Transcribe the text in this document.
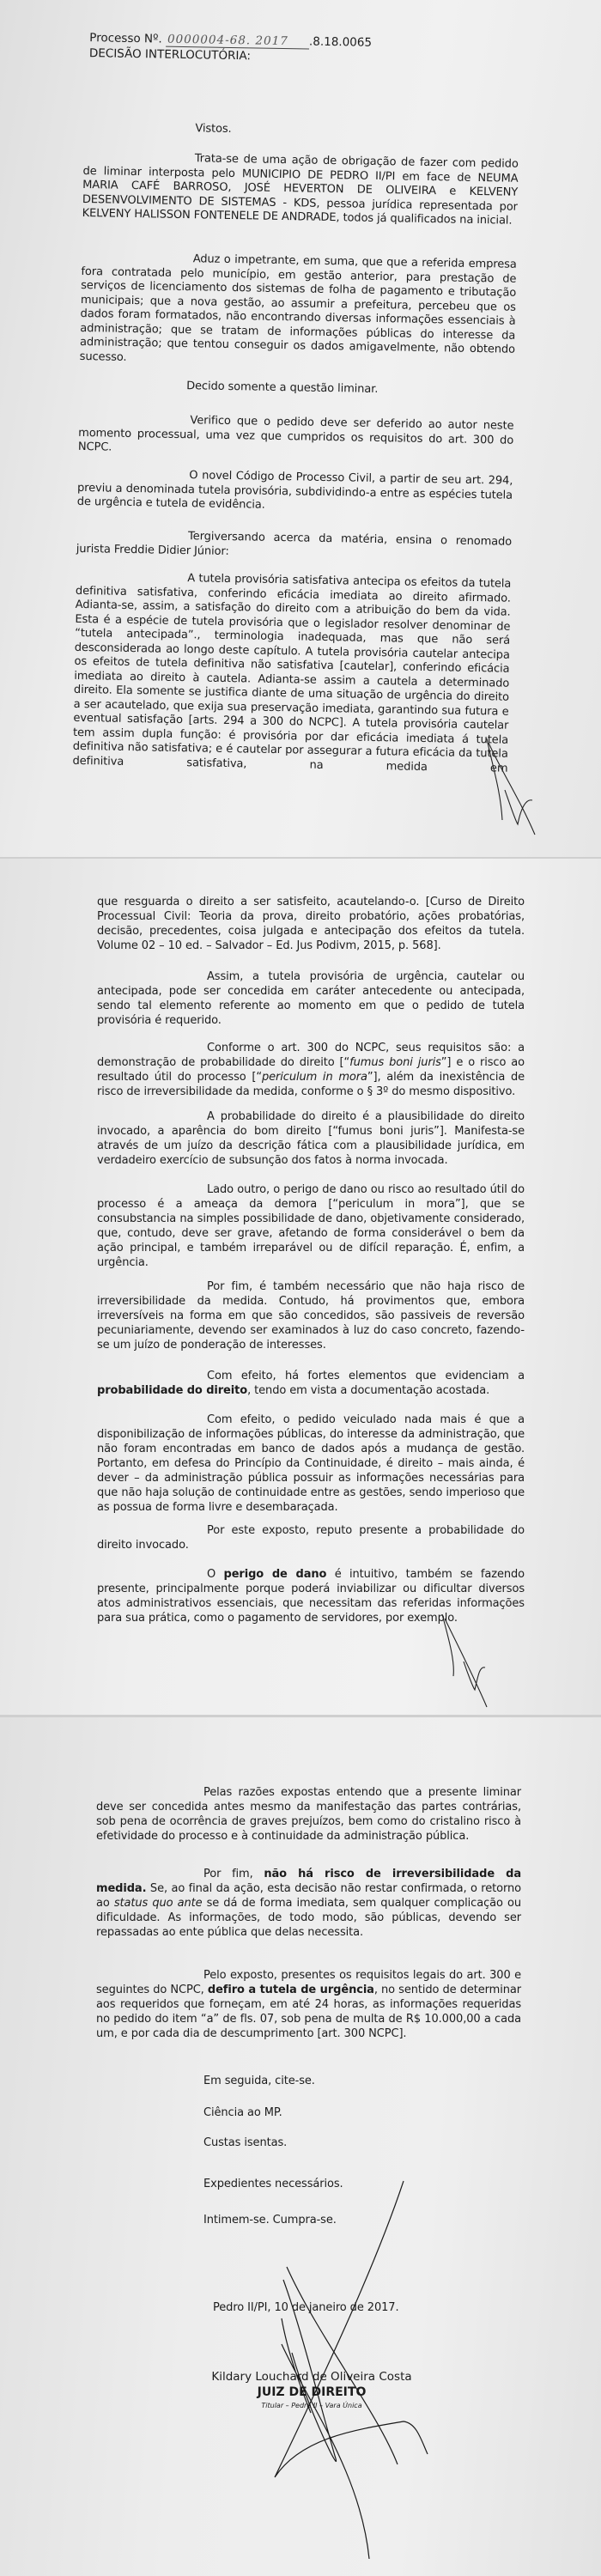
Processo Nº. 0000004-68. 2017 .8.18.0065
DECISÃO INTERLOCUTÓRIA:

Vistos.

Trata-se de uma ação de obrigação de fazer com pedido de liminar interposta pelo MUNICIPIO DE PEDRO II/PI em face de NEUMA MARIA CAFÉ BARROSO, JOSÉ HEVERTON DE OLIVEIRA e KELVENY DESENVOLVIMENTO DE SISTEMAS - KDS, pessoa jurídica representada por KELVENY HALISSON FONTENELE DE ANDRADE, todos já qualificados na inicial.

Aduz o impetrante, em suma, que que a referida empresa fora contratada pelo município, em gestão anterior, para prestação de serviços de licenciamento dos sistemas de folha de pagamento e tributação municipais; que a nova gestão, ao assumir a prefeitura, percebeu que os dados foram formatados, não encontrando diversas informações essenciais à administração; que se tratam de informações públicas do interesse da administração; que tentou conseguir os dados amigavelmente, não obtendo sucesso.

Decido somente a questão liminar.

Verifico que o pedido deve ser deferido ao autor neste momento processual, uma vez que cumpridos os requisitos do art. 300 do NCPC.

O novel Código de Processo Civil, a partir de seu art. 294, previu a denominada tutela provisória, subdividindo-a entre as espécies tutela de urgência e tutela de evidência.

Tergiversando acerca da matéria, ensina o renomado jurista Freddie Didier Júnior:

A tutela provisória satisfativa antecipa os efeitos da tutela definitiva satisfativa, conferindo eficácia imediata ao direito afirmado. Adianta-se, assim, a satisfação do direito com a atribuição do bem da vida. Esta é a espécie de tutela provisória que o legislador resolver denominar de “tutela antecipada”., terminologia inadequada, mas que não será desconsiderada ao longo deste capítulo. A tutela provisória cautelar antecipa os efeitos de tutela definitiva não satisfativa [cautelar], conferindo eficácia imediata ao direito à cautela. Adianta-se assim a cautela a determinado direito. Ela somente se justifica diante de uma situação de urgência do direito a ser acautelado, que exija sua preservação imediata, garantindo sua futura e eventual satisfação [arts. 294 a 300 do NCPC]. A tutela provisória cautelar tem assim dupla função: é provisória por dar eficácia imediata á tutela definitiva não satisfativa; e é cautelar por assegurar a futura eficácia da tutela definitiva satisfativa, na medida em

que resguarda o direito a ser satisfeito, acautelando-o. [Curso de Direito Processual Civil: Teoria da prova, direito probatório, ações probatórias, decisão, precedentes, coisa julgada e antecipação dos efeitos da tutela. Volume 02 – 10 ed. – Salvador – Ed. Jus Podivm, 2015, p. 568].

Assim, a tutela provisória de urgência, cautelar ou antecipada, pode ser concedida em caráter antecedente ou antecipada, sendo tal elemento referente ao momento em que o pedido de tutela provisória é requerido.

Conforme o art. 300 do NCPC, seus requisitos são: a demonstração de probabilidade do direito [“fumus boni juris”] e o risco ao resultado útil do processo [“periculum in mora”], além da inexistência de risco de irreversibilidade da medida, conforme o § 3º do mesmo dispositivo.

A probabilidade do direito é a plausibilidade do direito invocado, a aparência do bom direito [“fumus boni juris”]. Manifesta-se através de um juízo da descrição fática com a plausibilidade jurídica, em verdadeiro exercício de subsunção dos fatos à norma invocada.

Lado outro, o perigo de dano ou risco ao resultado útil do processo é a ameaça da demora [“periculum in mora”], que se consubstancia na simples possibilidade de dano, objetivamente considerado, que, contudo, deve ser grave, afetando de forma considerável o bem da ação principal, e também irreparável ou de difícil reparação. É, enfim, a urgência.

Por fim, é também necessário que não haja risco de irreversibilidade da medida. Contudo, há provimentos que, embora irreversíveis na forma em que são concedidos, são passiveis de reversão pecuniariamente, devendo ser examinados à luz do caso concreto, fazendo-se um juízo de ponderação de interesses.

Com efeito, há fortes elementos que evidenciam a probabilidade do direito, tendo em vista a documentação acostada.

Com efeito, o pedido veiculado nada mais é que a disponibilização de informações públicas, do interesse da administração, que não foram encontradas em banco de dados após a mudança de gestão. Portanto, em defesa do Princípio da Continuidade, é direito – mais ainda, é dever – da administração pública possuir as informações necessárias para que não haja solução de continuidade entre as gestões, sendo imperioso que as possua de forma livre e desembaraçada.

Por este exposto, reputo presente a probabilidade do direito invocado.

O perigo de dano é intuitivo, também se fazendo presente, principalmente porque poderá inviabilizar ou dificultar diversos atos administrativos essenciais, que necessitam das referidas informações para sua prática, como o pagamento de servidores, por exemplo.

Pelas razões expostas entendo que a presente liminar deve ser concedida antes mesmo da manifestação das partes contrárias, sob pena de ocorrência de graves prejuízos, bem como do cristalino risco à efetividade do processo e à continuidade da administração pública.

Por fim, não há risco de irreversibilidade da medida. Se, ao final da ação, esta decisão não restar confirmada, o retorno ao status quo ante se dá de forma imediata, sem qualquer complicação ou dificuldade. As informações, de todo modo, são públicas, devendo ser repassadas ao ente pública que delas necessita.

Pelo exposto, presentes os requisitos legais do art. 300 e seguintes do NCPC, defiro a tutela de urgência, no sentido de determinar aos requeridos que forneçam, em até 24 horas, as informações requeridas no pedido do item “a” de fls. 07, sob pena de multa de R$ 10.000,00 a cada um, e por cada dia de descumprimento [art. 300 NCPC].

Em seguida, cite-se.

Ciência ao MP.

Custas isentas.

Expedientes necessários.

Intimem-se. Cumpra-se.

Pedro II/PI, 10 de janeiro de 2017.

Kildary Louchard de Oliveira Costa
JUIZ DE DIREITO
Titular – Pedro II – Vara Única
